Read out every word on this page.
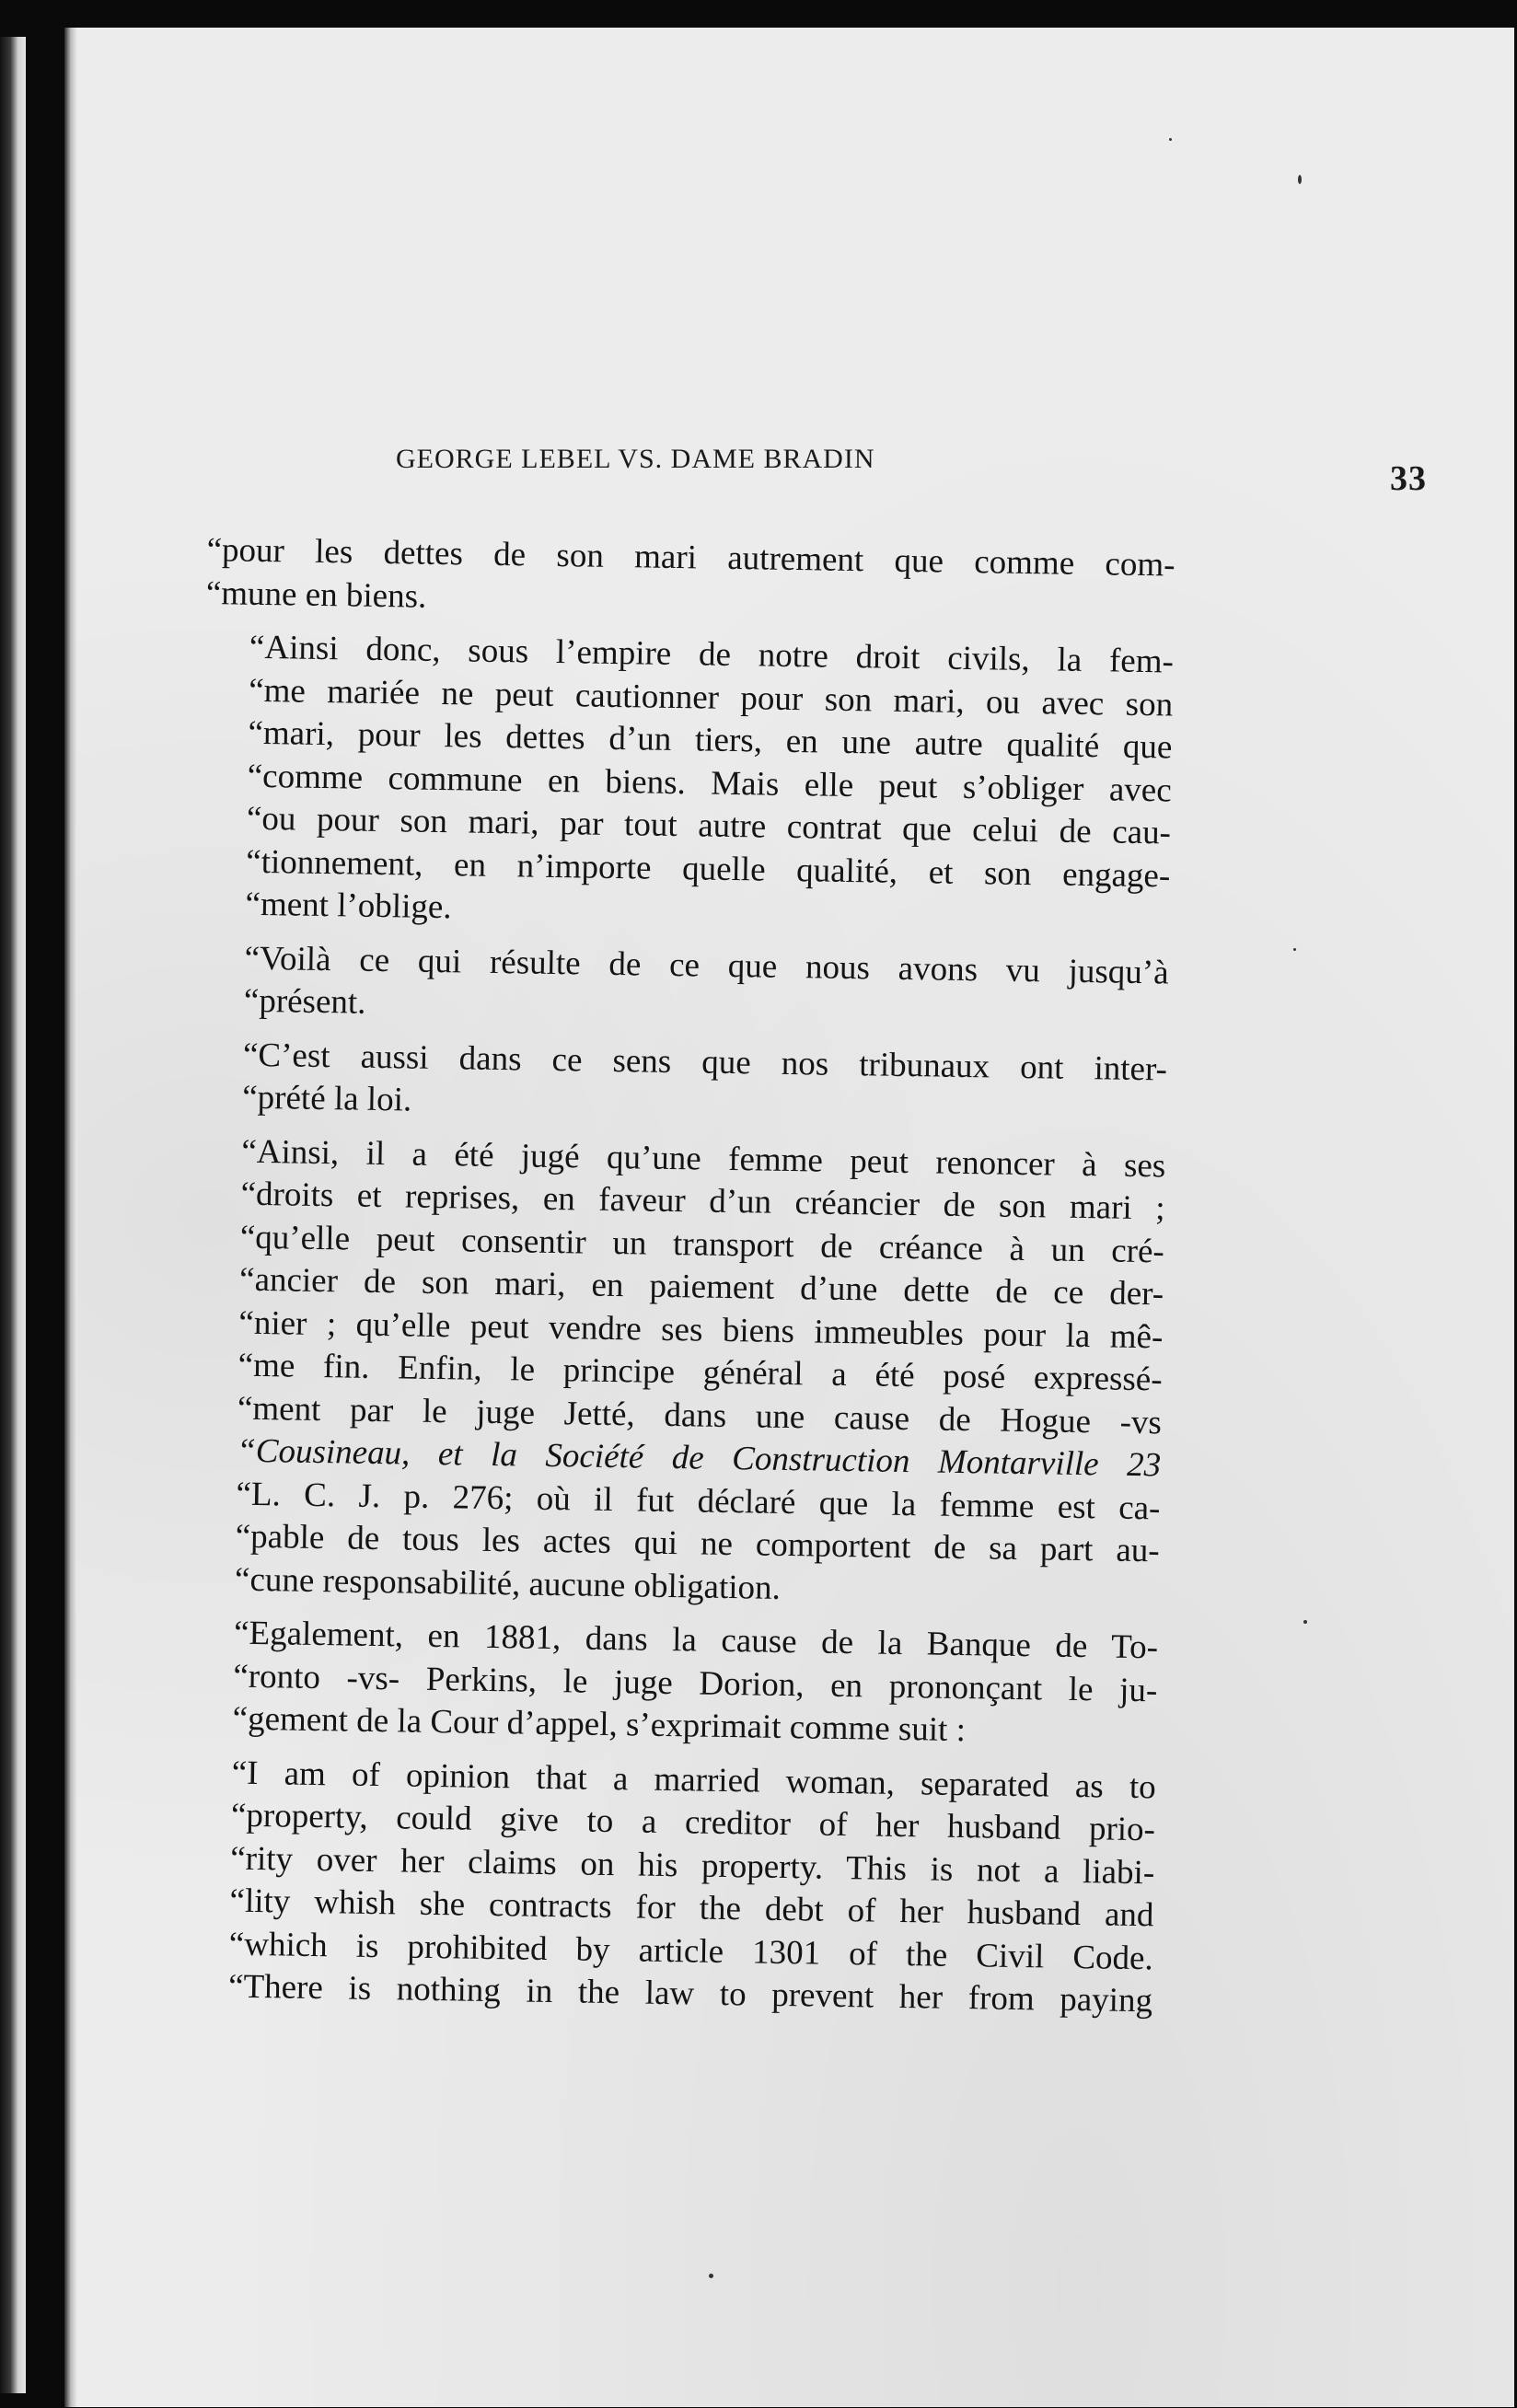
GEORGE LEBEL VS. DAME BRADIN
33

“pour les dettes de son mari autrement que comme com-
“mune en biens.

“Ainsi donc, sous l’empire de notre droit civils, la fem-
“me mariée ne peut cautionner pour son mari, ou avec son
“mari, pour les dettes d’un tiers, en une autre qualité que
“comme commune en biens. Mais elle peut s’obliger avec
“ou pour son mari, par tout autre contrat que celui de cau-
“tionnement, en n’importe quelle qualité, et son engage-
“ment l’oblige.

“Voilà ce qui résulte de ce que nous avons vu jusqu’à
“présent.

“C’est aussi dans ce sens que nos tribunaux ont inter-
“prété la loi.

“Ainsi, il a été jugé qu’une femme peut renoncer à ses
“droits et reprises, en faveur d’un créancier de son mari ;
“qu’elle peut consentir un transport de créance à un cré-
“ancier de son mari, en paiement d’une dette de ce der-
“nier ; qu’elle peut vendre ses biens immeubles pour la mê-
“me fin. Enfin, le principe général a été posé expressé-
“ment par le juge Jetté, dans une cause de Hogue -vs
“Cousineau, et la Société de Construction Montarville 23
“L. C. J. p. 276; où il fut déclaré que la femme est ca-
“pable de tous les actes qui ne comportent de sa part au-
“cune responsabilité, aucune obligation.

“Egalement, en 1881, dans la cause de la Banque de To-
“ronto -vs- Perkins, le juge Dorion, en prononçant le ju-
“gement de la Cour d’appel, s’exprimait comme suit :

“I am of opinion that a married woman, separated as to
“property, could give to a creditor of her husband prio-
“rity over her claims on his property. This is not a liabi-
“lity whish she contracts for the debt of her husband and
“which is prohibited by article 1301 of the Civil Code.
“There is nothing in the law to prevent her from paying
